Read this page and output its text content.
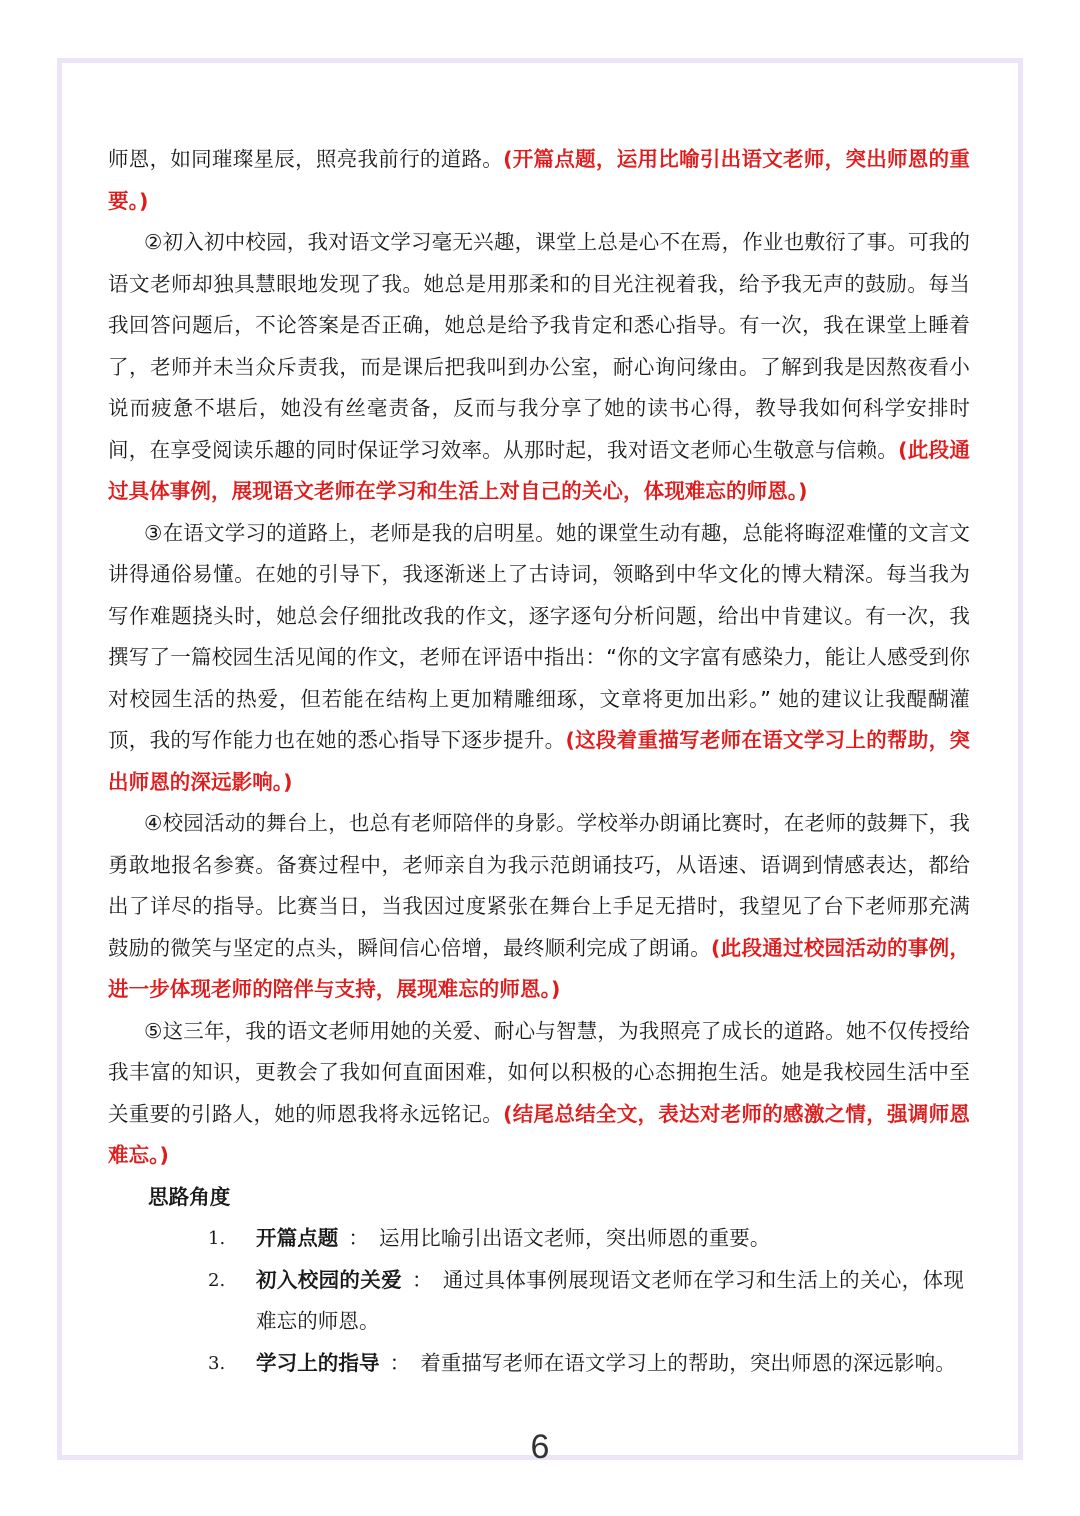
师恩，如同璀璨星辰，照亮我前行的道路。(开篇点题，运用比喻引出语文老师，突出师恩的重要。)

②初入初中校园，我对语文学习毫无兴趣，课堂上总是心不在焉，作业也敷衍了事。可我的语文老师却独具慧眼地发现了我。她总是用那柔和的目光注视着我，给予我无声的鼓励。每当我回答问题后，不论答案是否正确，她总是给予我肯定和悉心指导。有一次，我在课堂上睡着了，老师并未当众斥责我，而是课后把我叫到办公室，耐心询问缘由。了解到我是因熬夜看小说而疲惫不堪后，她没有丝毫责备，反而与我分享了她的读书心得，教导我如何科学安排时间，在享受阅读乐趣的同时保证学习效率。从那时起，我对语文老师心生敬意与信赖。(此段通过具体事例，展现语文老师在学习和生活上对自己的关心，体现难忘的师恩。)

③在语文学习的道路上，老师是我的启明星。她的课堂生动有趣，总能将晦涩难懂的文言文讲得通俗易懂。在她的引导下，我逐渐迷上了古诗词，领略到中华文化的博大精深。每当我为写作难题挠头时，她总会仔细批改我的作文，逐字逐句分析问题，给出中肯建议。有一次，我撰写了一篇校园生活见闻的作文，老师在评语中指出：“你的文字富有感染力，能让人感受到你对校园生活的热爱，但若能在结构上更加精雕细琢，文章将更加出彩。” 她的建议让我醍醐灌顶，我的写作能力也在她的悉心指导下逐步提升。(这段着重描写老师在语文学习上的帮助，突出师恩的深远影响。)

④校园活动的舞台上，也总有老师陪伴的身影。学校举办朗诵比赛时，在老师的鼓舞下，我勇敢地报名参赛。备赛过程中，老师亲自为我示范朗诵技巧，从语速、语调到情感表达，都给出了详尽的指导。比赛当日，当我因过度紧张在舞台上手足无措时，我望见了台下老师那充满鼓励的微笑与坚定的点头，瞬间信心倍增，最终顺利完成了朗诵。(此段通过校园活动的事例，进一步体现老师的陪伴与支持，展现难忘的师恩。)

⑤这三年，我的语文老师用她的关爱、耐心与智慧，为我照亮了成长的道路。她不仅传授给我丰富的知识，更教会了我如何直面困难，如何以积极的心态拥抱生活。她是我校园生活中至关重要的引路人，她的师恩我将永远铭记。(结尾总结全文，表达对老师的感激之情，强调师恩难忘。)

思路角度

1. 开篇点题 ： 运用比喻引出语文老师，突出师恩的重要。
2. 初入校园的关爱 ： 通过具体事例展现语文老师在学习和生活上的关心，体现难忘的师恩。
3. 学习上的指导 ： 着重描写老师在语文学习上的帮助，突出师恩的深远影响。
6
